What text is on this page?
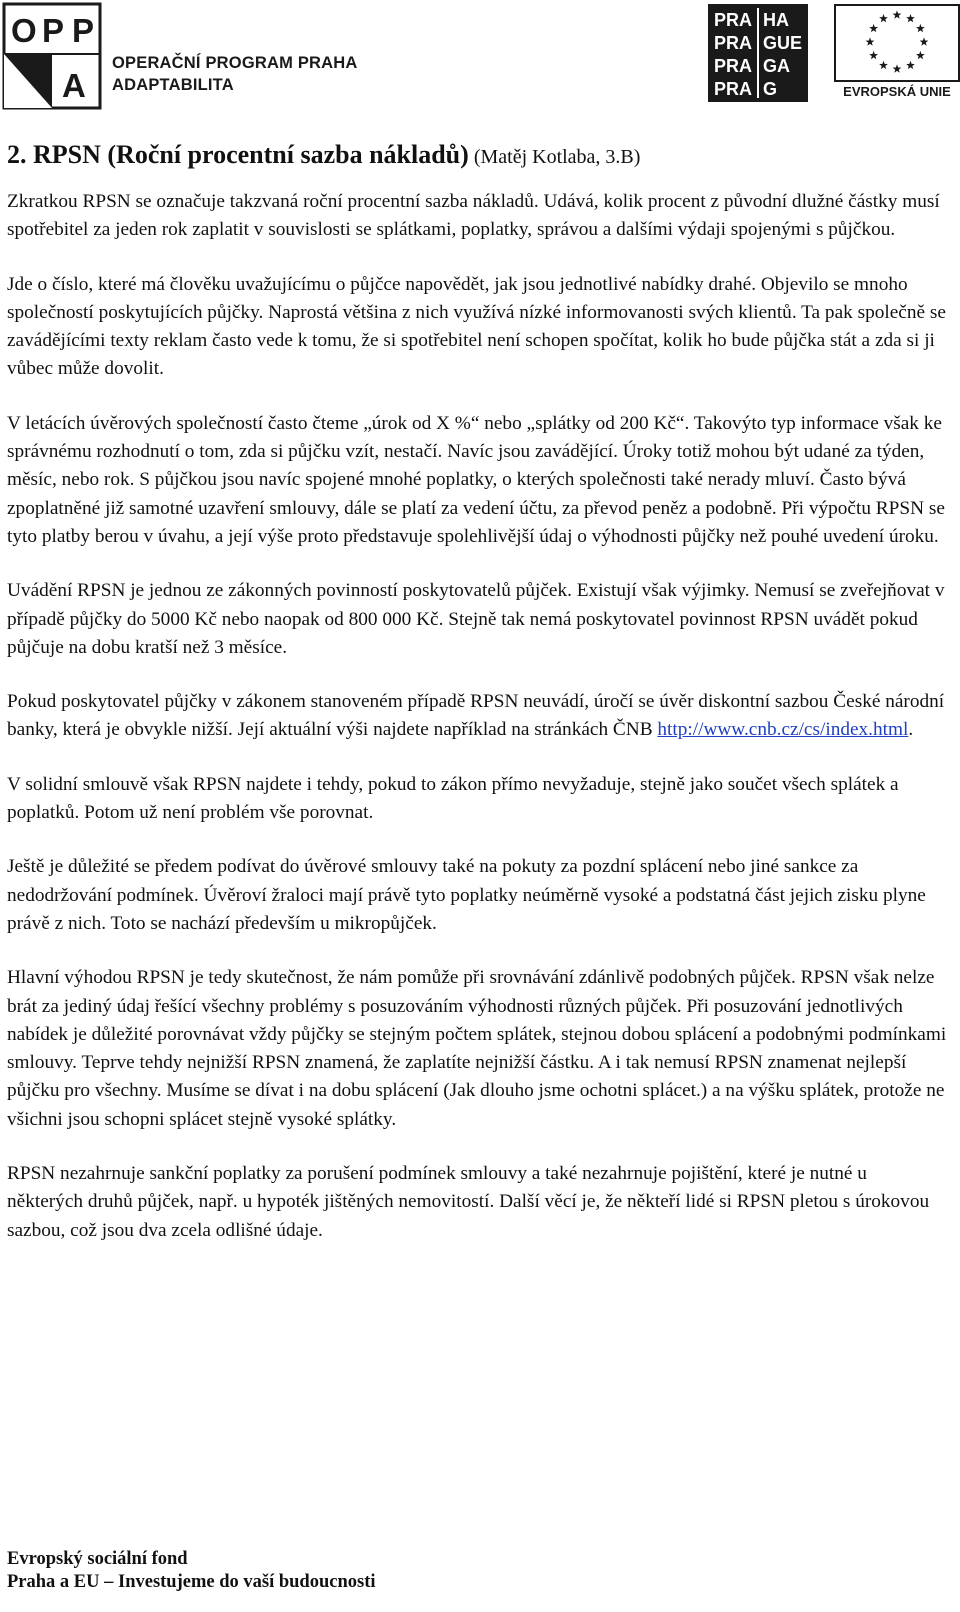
O P P
A
OPERAČNÍ PROGRAM PRAHA
ADAPTABILITA
PRA HA
PRA GUE
PRA GA
PRA G	EVROPSKÁ UNIE
2. RPSN (Roční procentní sazba nákladů) (Matěj Kotlaba, 3.B)

Zkratkou RPSN se označuje takzvaná roční procentní sazba nákladů. Udává, kolik procent z původní dlužné částky musí spotřebitel za jeden rok zaplatit v souvislosti se splátkami, poplatky, správou a dalšími výdaji spojenými s půjčkou.

Jde o číslo, které má člověku uvažujícímu o půjčce napovědět, jak jsou jednotlivé nabídky drahé. Objevilo se mnoho společností poskytujících půjčky. Naprostá většina z nich využívá nízké informovanosti svých klientů. Ta pak společně se zavádějícími texty reklam často vede k tomu, že si spotřebitel není schopen spočítat, kolik ho bude půjčka stát a zda si ji vůbec může dovolit.

V letácích úvěrových společností často čteme „úrok od X %“ nebo „splátky od 200 Kč“. Takovýto typ informace však ke správnému rozhodnutí o tom, zda si půjčku vzít, nestačí. Navíc jsou zavádějící. Úroky totiž mohou být udané za týden, měsíc, nebo rok. S půjčkou jsou navíc spojené mnohé poplatky, o kterých společnosti také nerady mluví. Často bývá zpoplatněné již samotné uzavření smlouvy, dále se platí za vedení účtu, za převod peněz a podobně. Při výpočtu RPSN se tyto platby berou v úvahu, a její výše proto představuje spolehlivější údaj o výhodnosti půjčky než pouhé uvedení úroku.

Uvádění RPSN je jednou ze zákonných povinností poskytovatelů půjček. Existují však výjimky. Nemusí se zveřejňovat v případě půjčky do 5000 Kč nebo naopak od 800 000 Kč. Stejně tak nemá poskytovatel povinnost RPSN uvádět pokud půjčuje na dobu kratší než 3 měsíce.

Pokud poskytovatel půjčky v zákonem stanoveném případě RPSN neuvádí, úročí se úvěr diskontní sazbou České národní banky, která je obvykle nižší. Její aktuální výši najdete například na stránkách ČNB http://www.cnb.cz/cs/index.html.

V solidní smlouvě však RPSN najdete i tehdy, pokud to zákon přímo nevyžaduje, stejně jako součet všech splátek a poplatků. Potom už není problém vše porovnat.

Ještě je důležité se předem podívat do úvěrové smlouvy také na pokuty za pozdní splácení nebo jiné sankce za nedodržování podmínek. Úvěroví žraloci mají právě tyto poplatky neúměrně vysoké a podstatná část jejich zisku plyne právě z nich. Toto se nachází především u mikropůjček.

Hlavní výhodou RPSN je tedy skutečnost, že nám pomůže při srovnávání zdánlivě podobných půjček. RPSN však nelze brát za jediný údaj řešící všechny problémy s posuzováním výhodnosti různých půjček. Při posuzování jednotlivých nabídek je důležité porovnávat vždy půjčky se stejným počtem splátek, stejnou dobou splácení a podobnými podmínkami smlouvy. Teprve tehdy nejnižší RPSN znamená, že zaplatíte nejnižší částku. A i tak nemusí RPSN znamenat nejlepší půjčku pro všechny. Musíme se dívat i na dobu splácení (Jak dlouho jsme ochotni splácet.) a na výšku splátek, protože ne všichni jsou schopni splácet stejně vysoké splátky.

RPSN nezahrnuje sankční poplatky za porušení podmínek smlouvy a také nezahrnuje pojištění, které je nutné u některých druhů půjček, např. u hypoték jištěných nemovitostí. Další věcí je, že někteří lidé si RPSN pletou s úrokovou sazbou, což jsou dva zcela odlišné údaje.

Evropský sociální fond
Praha a EU – Investujeme do vaší budoucnosti
